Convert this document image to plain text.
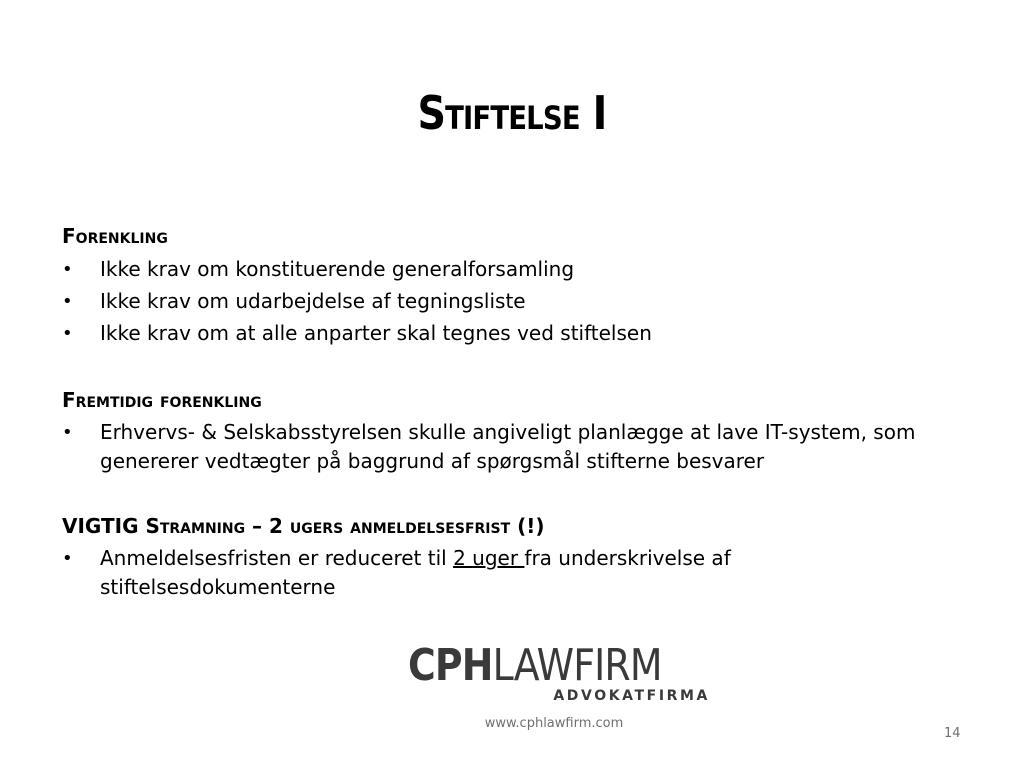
Stiftelse I
Forenkling

• Ikke krav om konstituerende generalforsamling

• Ikke krav om udarbejdelse af tegningsliste

• Ikke krav om at alle anparter skal tegnes ved stiftelsen

Fremtidig forenkling

• Erhvervs- & Selskabsstyrelsen skulle angiveligt planlægge at lave IT-system, som genererer vedtægter på baggrund af spørgsmål stifterne besvarer

VIGTIG Stramning – 2 ugers anmeldelsesfrist (!)

• Anmeldelsesfristen er reduceret til 2 uger fra underskrivelse af stiftelsesdokumenterne

CPHLAWFIRM
ADVOKATFIRMA
www.cphlawfirm.com
14
